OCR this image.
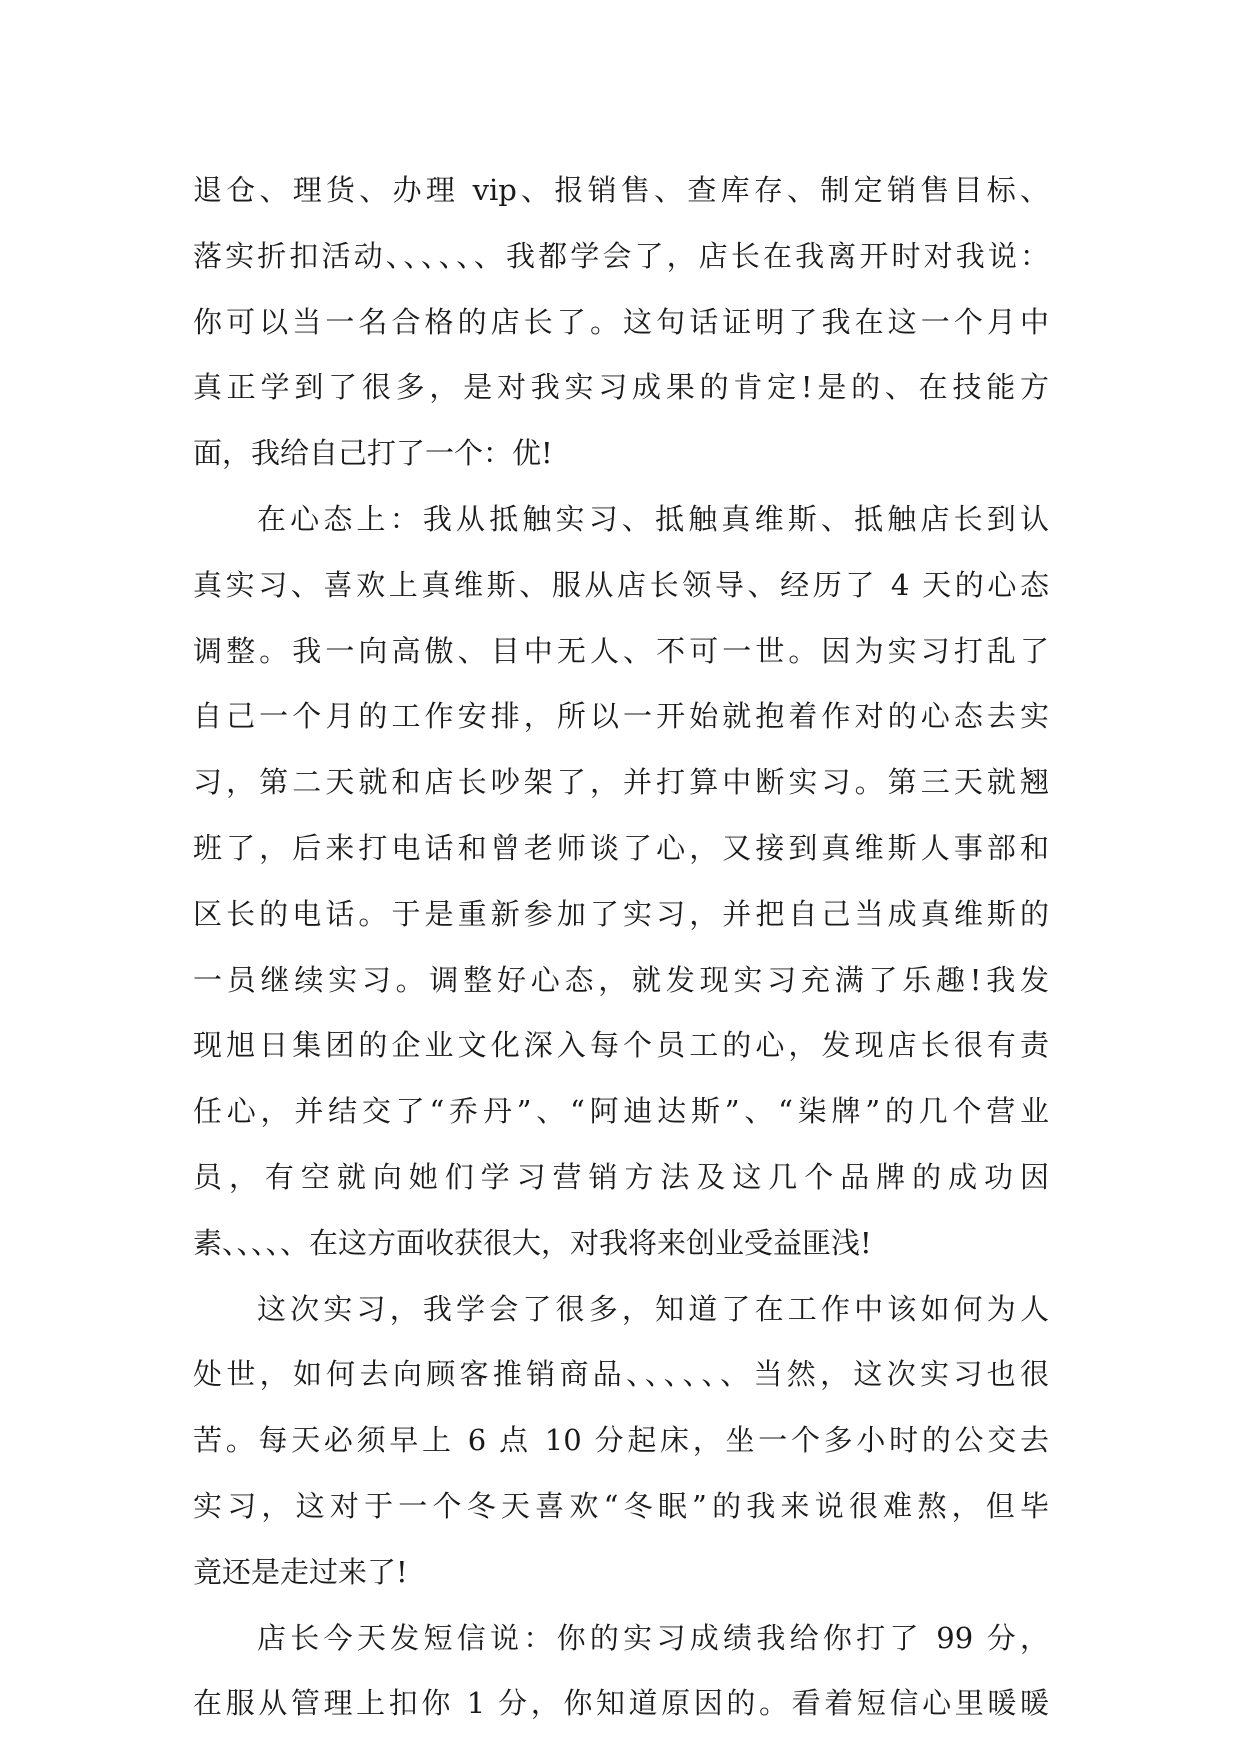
退仓、理货、办理 vip、报销售、查库存、制定销售目标、
落实折扣活动、、、、、、我都学会了，店长在我离开时对我说：
你可以当一名合格的店长了。这句话证明了我在这一个月中
真正学到了很多，是对我实习成果的肯定!是的、在技能方
面，我给自己打了一个：优!
在心态上：我从抵触实习、抵触真维斯、抵触店长到认
真实习、喜欢上真维斯、服从店长领导、经历了 4 天的心态
调整。我一向高傲、目中无人、不可一世。因为实习打乱了
自己一个月的工作安排，所以一开始就抱着作对的心态去实
习，第二天就和店长吵架了，并打算中断实习。第三天就翘
班了，后来打电话和曾老师谈了心，又接到真维斯人事部和
区长的电话。于是重新参加了实习，并把自己当成真维斯的
一员继续实习。调整好心态，就发现实习充满了乐趣!我发
现旭日集团的企业文化深入每个员工的心，发现店长很有责
任心，并结交了“乔丹”、“阿迪达斯”、“柒牌”的几个营业
员，有空就向她们学习营销方法及这几个品牌的成功因
素、、、、、在这方面收获很大，对我将来创业受益匪浅!
这次实习，我学会了很多，知道了在工作中该如何为人
处世，如何去向顾客推销商品、、、、、、当然，这次实习也很
苦。每天必须早上 6 点 10 分起床，坐一个多小时的公交去
实习，这对于一个冬天喜欢“冬眠”的我来说很难熬，但毕
竟还是走过来了!
店长今天发短信说：你的实习成绩我给你打了 99 分，
在服从管理上扣你 1 分，你知道原因的。看着短信心里暖暖
